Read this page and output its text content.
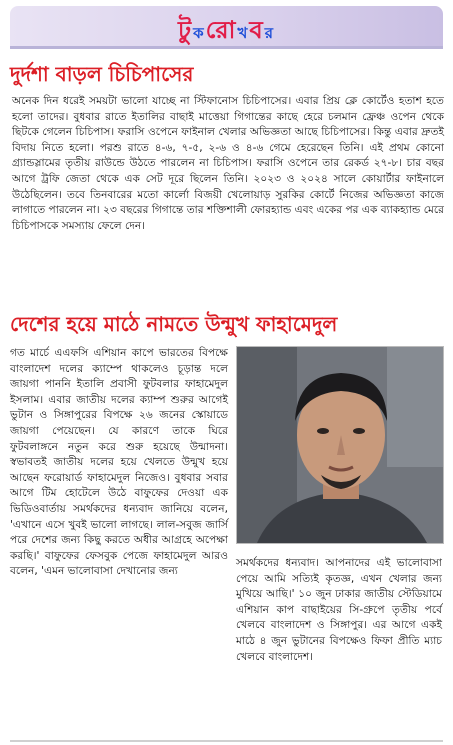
টুকরোখবর
দুর্দশা বাড়ল চিচিপাসের

অনেক দিন ধরেই সময়টা ভালো যাচ্ছে না স্টিফানোস চিচিপাসের। এবার প্রিয় ক্লে কোর্টেও হতাশ হতে হলো তাদের। বুধবার রাতে ইতালির বাছাই মাত্তেয়া গিগান্তের কাছে হেরে চলমান ফ্রেঞ্চ ওপেন থেকে ছিটকে গেলেন চিচিপাস। ফরাসি ওপেনে ফাইনাল খেলার অভিজ্ঞতা আছে চিচিপাসের। কিন্তু এবার দ্রুতই বিদায় নিতে হলো। পরশু রাতে ৪-৬, ৭-৫, ২-৬ ও ৪-৬ গেমে হেরেছেন তিনি। এই প্রথম কোনো গ্র্যান্ডস্লামের তৃতীয় রাউন্ডে উঠতে পারলেন না চিচিপাস। ফরাসি ওপেনে তার রেকর্ড ২৭-৮। চার বছর আগে ট্রফি জেতা থেকে এক সেট দূরে ছিলেন তিনি। ২০২৩ ও ২০২৪ সালে কোয়ার্টার ফাইনালে উঠেছিলেন। তবে তিনবারের মতো কার্লো বিজয়ী খেলোয়াড় সুরকির কোর্টে নিজের অভিজ্ঞতা কাজে লাগাতে পারলেন না। ২৩ বছরের গিগান্তে তার শক্তিশালী ফোরহ্যান্ড এবং একের পর এক ব্যাকহ্যান্ড মেরে চিচিপাসকে সমস্যায় ফেলে দেন।

দেশের হয়ে মাঠে নামতে উন্মুখ ফাহামেদুল

গত মার্চে এএফসি এশিয়ান কাপে ভারতের বিপক্ষে বাংলাদেশ দলের ক্যাম্পে থাকলেও চূড়ান্ত দলে জায়গা পাননি ইতালি প্রবাসী ফুটবলার ফাহামেদুল ইসলাম। এবার জাতীয় দলের ক্যাম্প শুরুর আগেই ভুটান ও সিঙ্গাপুরের বিপক্ষে ২৬ জনের স্কোয়াডে জায়গা পেয়েছেন। যে কারণে তাকে ঘিরে ফুটবলাঙ্গনে নতুন করে শুরু হয়েছে উন্মাদনা। স্বভাবতই জাতীয় দলের হয়ে খেলতে উন্মুখ হয়ে আছেন ফরোয়ার্ড ফাহামেদুল নিজেও। বুধবার সবার আগে টিম হোটেলে উঠে বাফুফের দেওয়া এক ভিডিওবার্তায় সমর্থকদের ধন্যবাদ জানিয়ে বলেন, 'এখানে এসে খুবই ভালো লাগছে। লাল-সবুজ জার্সি পরে দেশের জন্য কিছু করতে অধীর আগ্রহে অপেক্ষা করছি।' বাফুফের ফেসবুক পেজে ফাহামেদুল আরও বলেন, 'এমন ভালোবাসা দেখানোর জন্য

সমর্থকদের ধন্যবাদ। আপনাদের এই ভালোবাসা পেয়ে আমি সত্যিই কৃতজ্ঞ, এখন খেলার জন্য মুখিয়ে আছি।' ১০ জুন ঢাকার জাতীয় স্টেডিয়ামে এশিয়ান কাপ বাছাইয়ের সি-গ্রুপে তৃতীয় পর্বে খেলবে বাংলাদেশ ও সিঙ্গাপুর। এর আগে একই মাঠে ৪ জুন ভুটানের বিপক্ষেও ফিফা প্রীতি ম্যাচ খেলবে বাংলাদেশ।
